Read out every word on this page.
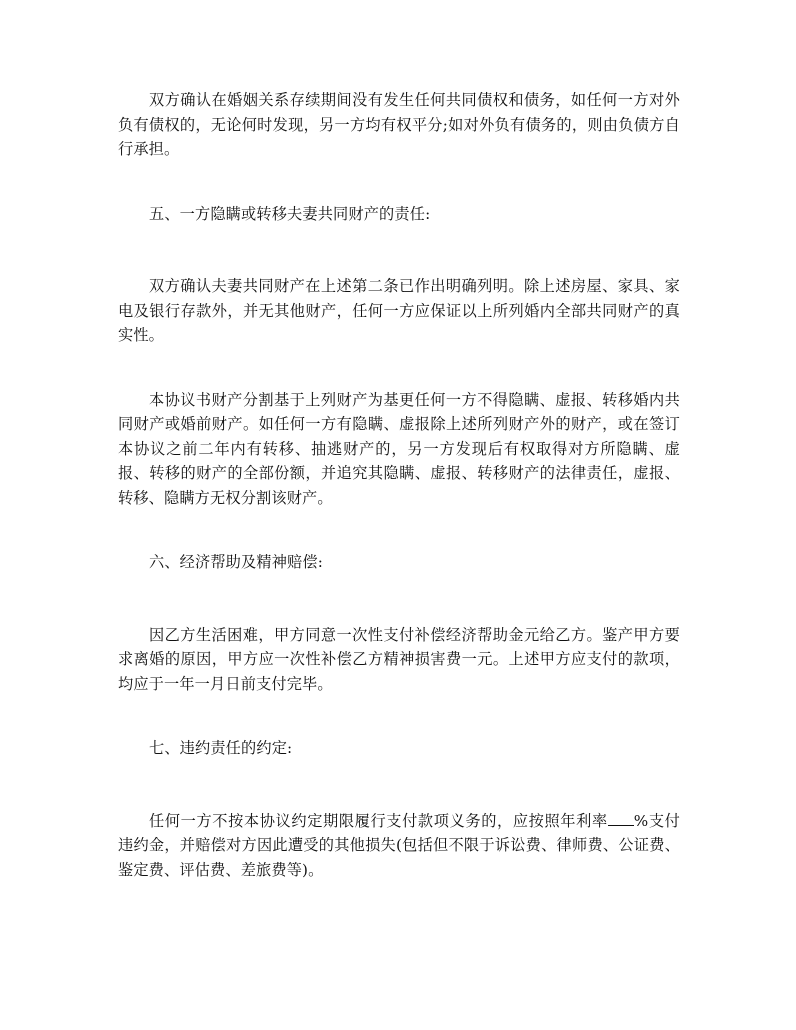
双方确认在婚姻关系存续期间没有发生任何共同债权和债务，如任何一方对外负有债权的，无论何时发现，另一方均有权平分;如对外负有债务的，则由负债方自行承担。

五、一方隐瞒或转移夫妻共同财产的责任:

双方确认夫妻共同财产在上述第二条已作出明确列明。除上述房屋、家具、家电及银行存款外，并无其他财产，任何一方应保证以上所列婚内全部共同财产的真实性。

本协议书财产分割基于上列财产为基更任何一方不得隐瞒、虚报、转移婚内共同财产或婚前财产。如任何一方有隐瞒、虚报除上述所列财产外的财产，或在签订本协议之前二年内有转移、抽逃财产的，另一方发现后有权取得对方所隐瞒、虚报、转移的财产的全部份额，并追究其隐瞒、虚报、转移财产的法律责任，虚报、转移、隐瞒方无权分割该财产。

六、经济帮助及精神赔偿:

因乙方生活困难，甲方同意一次性支付补偿经济帮助金元给乙方。鉴产甲方要求离婚的原因，甲方应一次性补偿乙方精神损害费一元。上述甲方应支付的款项，均应于一年一月日前支付完毕。

七、违约责任的约定:

任何一方不按本协议约定期限履行支付款项义务的，应按照年利率 %支付违约金，并赔偿对方因此遭受的其他损失(包括但不限于诉讼费、律师费、公证费、鉴定费、评估费、差旅费等)。
